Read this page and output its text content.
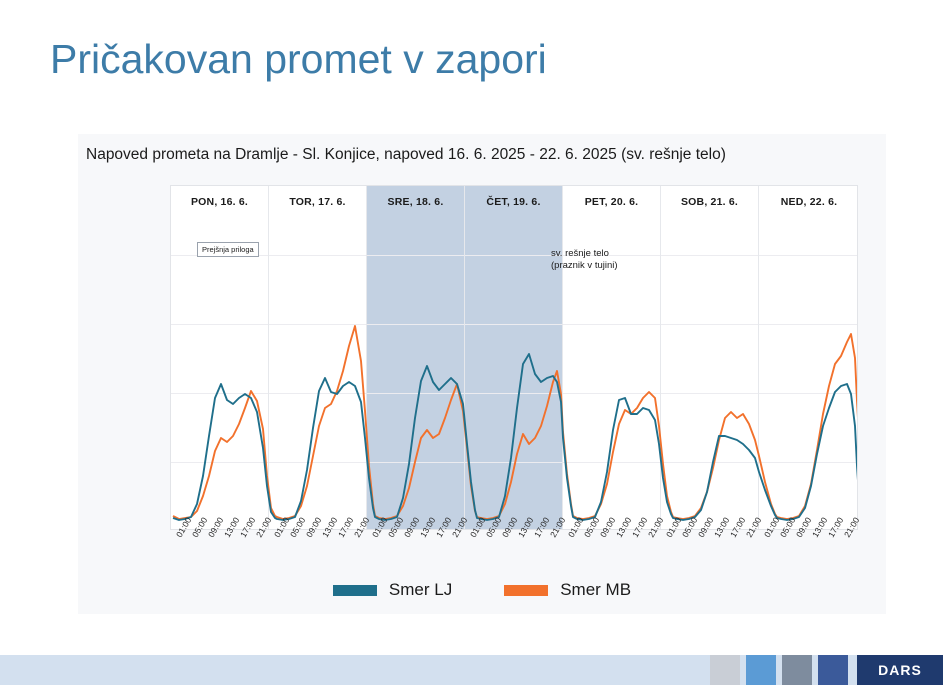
Pričakovan promet v zapori
Napoved prometa na Dramlje - Sl. Konjice, napoved 16. 6. 2025 - 22. 6. 2025 (sv. rešnje telo)
PON, 16. 6.	TOR, 17. 6.	SRE, 18. 6.	ČET, 19. 6.	PET, 20. 6.	SOB, 21. 6.	NED, 22. 6.
Prejšnja priloga	sv. rešnje telo
(praznik v tujini)
01:00
05:00
09:00
13:00
17:00
21:00
01:00
05:00
09:00
13:00
17:00
21:00
01:00
05:00
09:00
13:00
17:00
21:00
01:00
05:00
09:00
13:00
17:00
21:00
01:00
05:00
09:00
13:00
17:00
21:00
01:00
05:00
09:00
13:00
17:00
21:00
01:00
05:00
09:00
13:00
17:00
21:00
Smer LJ	Smer MB
DARS
